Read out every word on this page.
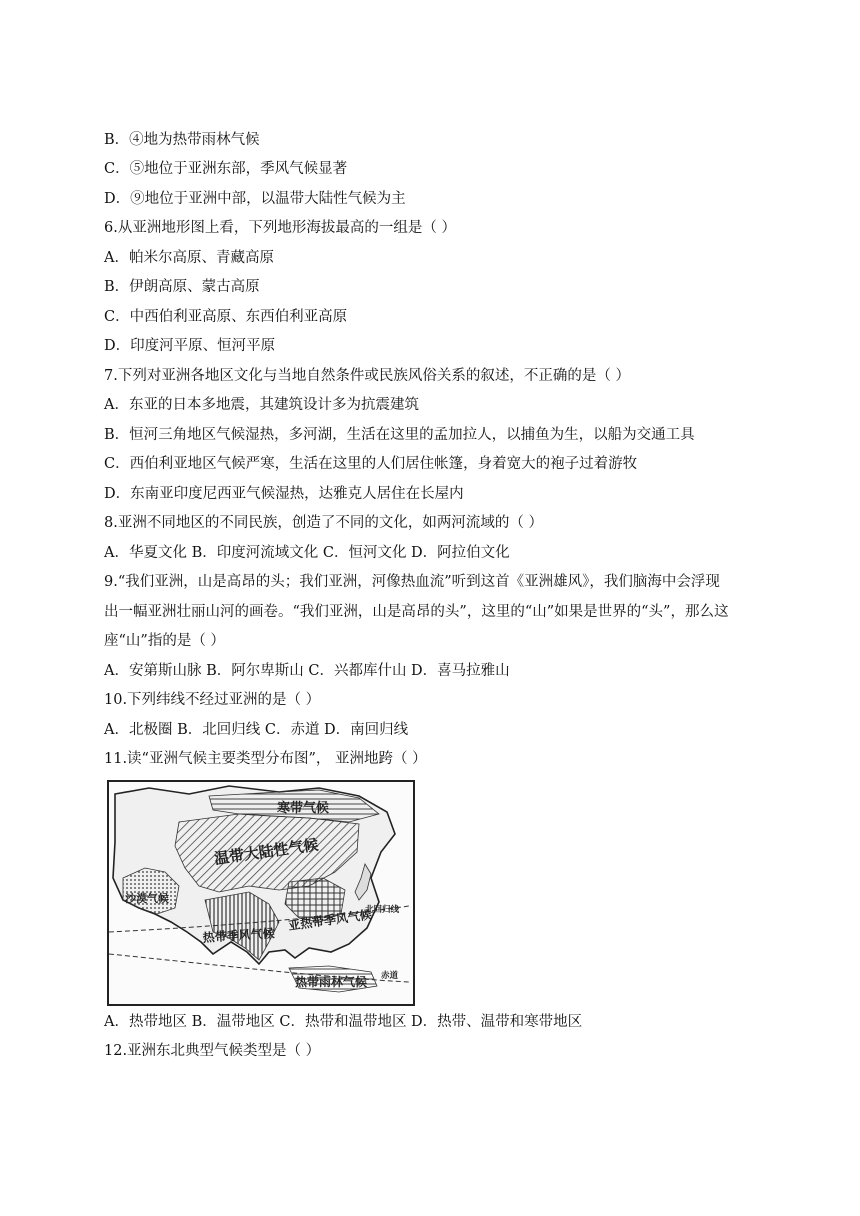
B．④地为热带雨林气候
C．⑤地位于亚洲东部，季风气候显著
D．⑨地位于亚洲中部，以温带大陆性气候为主
6.从亚洲地形图上看，下列地形海拔最高的一组是（ ）
A．帕米尔高原、青藏高原
B．伊朗高原、蒙古高原
C．中西伯利亚高原、东西伯利亚高原
D．印度河平原、恒河平原
7.下列对亚洲各地区文化与当地自然条件或民族风俗关系的叙述，不正确的是（ ）
A．东亚的日本多地震，其建筑设计多为抗震建筑
B．恒河三角地区气候湿热，多河湖，生活在这里的孟加拉人，以捕鱼为生，以船为交通工具
C．西伯利亚地区气候严寒，生活在这里的人们居住帐篷，身着宽大的袍子过着游牧
D．东南亚印度尼西亚气候湿热，达雅克人居住在长屋内
8.亚洲不同地区的不同民族，创造了不同的文化，如两河流域的（ ）
A．华夏文化 B．印度河流域文化 C．恒河文化 D．阿拉伯文化
9.“我们亚洲，山是高昂的头；我们亚洲，河像热血流”听到这首《亚洲雄风》，我们脑海中会浮现
出一幅亚洲壮丽山河的画卷。“我们亚洲，山是高昂的头”，这里的“山”如果是世界的“头”，那么这
座“山”指的是（ ）
A．安第斯山脉 B．阿尔卑斯山 C．兴都库什山 D．喜马拉雅山
10.下列纬线不经过亚洲的是（ ）
A．北极圈 B．北回归线 C．赤道 D．南回归线
11.读“亚洲气候主要类型分布图”， 亚洲地跨（ ）
寒带气候
温带大陆性气候
沙漠气候
热带季风气候
亚热带季风气候
北回归线
赤道
热带雨林气候
A．热带地区 B．温带地区 C．热带和温带地区 D．热带、温带和寒带地区
12.亚洲东北典型气候类型是（ ）
